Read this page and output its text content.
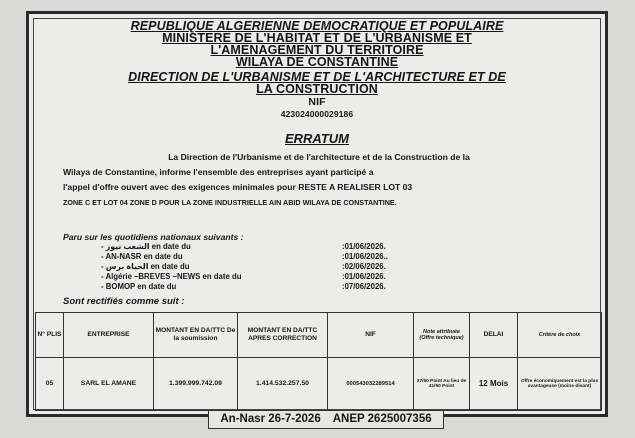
REPUBLIQUE ALGERIENNE DEMOCRATIQUE ET POPULAIRE
MINISTERE DE L'HABITAT ET DE L'URBANISME ET
L'AMENAGEMENT DU TERRITOIRE
WILAYA DE CONSTANTINE
DIRECTION DE L'URBANISME ET DE L'ARCHITECTURE ET DE
LA CONSTRUCTION
NIF
423024000029186
ERRATUM
La Direction de l'Urbanisme et de l'architecture et de la Construction de la
Wilaya de Constantine, informe l'ensemble des entreprises ayant participé a
l'appel d'offre ouvert avec des exigences minimales pour RESTE A REALISER LOT 03
ZONE C ET LOT 04 ZONE D POUR LA ZONE INDUSTRIELLE AIN ABID WILAYA DE CONSTANTINE.
Paru sur les quotidiens nationaux suivants :
- الشعب نيوز en date du	:01/06/2026.
- AN-NASR en date du	:01/06/2026..
- الحياة برس en date du	:02/06/2026.
- Algérie –BREVES –NEWS en date du	:01/06/2026.
- BOMOP en date du	:07/06/2026.
Sont rectifiés comme suit :
N° PLIS	ENTREPRISE	MONTANT EN DA/TTC De la soumission	MONTANT EN DA/TTC APRES CORRECTION	NIF	Note attribuée (Offre technique)	DELAI	Critère de choix
05	SARL EL AMANE	1.399.999.742.09	1.414.532.257.50	000543032289514	37/50 Point Au lieu de 41/50 Point	12 Mois	Offre économiquement est la plus avantageuse (moins-disant)
An-Nasr 26-7-2026 ANEP 2625007356
